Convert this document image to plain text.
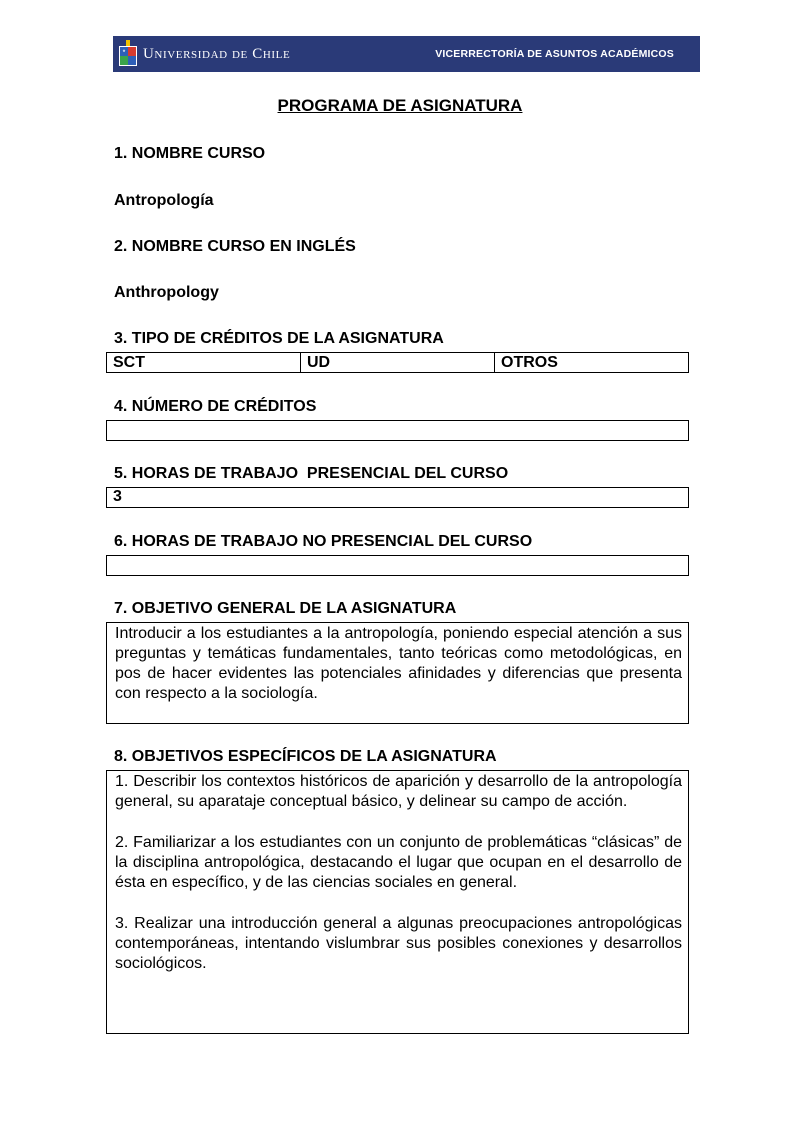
Universidad de Chile	VICERRECTORÍA DE ASUNTOS ACADÉMICOS
PROGRAMA DE ASIGNATURA
1. NOMBRE CURSO
Antropología
2. NOMBRE CURSO EN INGLÉS
Anthropology
3. TIPO DE CRÉDITOS DE LA ASIGNATURA
SCT	UD	OTROS
4. NÚMERO DE CRÉDITOS
5. HORAS DE TRABAJO  PRESENCIAL DEL CURSO
3
6. HORAS DE TRABAJO NO PRESENCIAL DEL CURSO
7. OBJETIVO GENERAL DE LA ASIGNATURA

Introducir a los estudiantes a la antropología, poniendo especial atención a sus preguntas y temáticas fundamentales, tanto teóricas como metodológicas, en pos de hacer evidentes las potenciales afinidades y diferencias que presenta con respecto a la sociología.

8. OBJETIVOS ESPECÍFICOS DE LA ASIGNATURA

1. Describir los contextos históricos de aparición y desarrollo de la antropología general, su aparataje conceptual básico, y delinear su campo de acción.

2. Familiarizar a los estudiantes con un conjunto de problemáticas “clásicas” de la disciplina antropológica, destacando el lugar que ocupan en el desarrollo de ésta en específico, y de las ciencias sociales en general.

3. Realizar una introducción general a algunas preocupaciones antropológicas contemporáneas, intentando vislumbrar sus posibles conexiones y desarrollos sociológicos.
